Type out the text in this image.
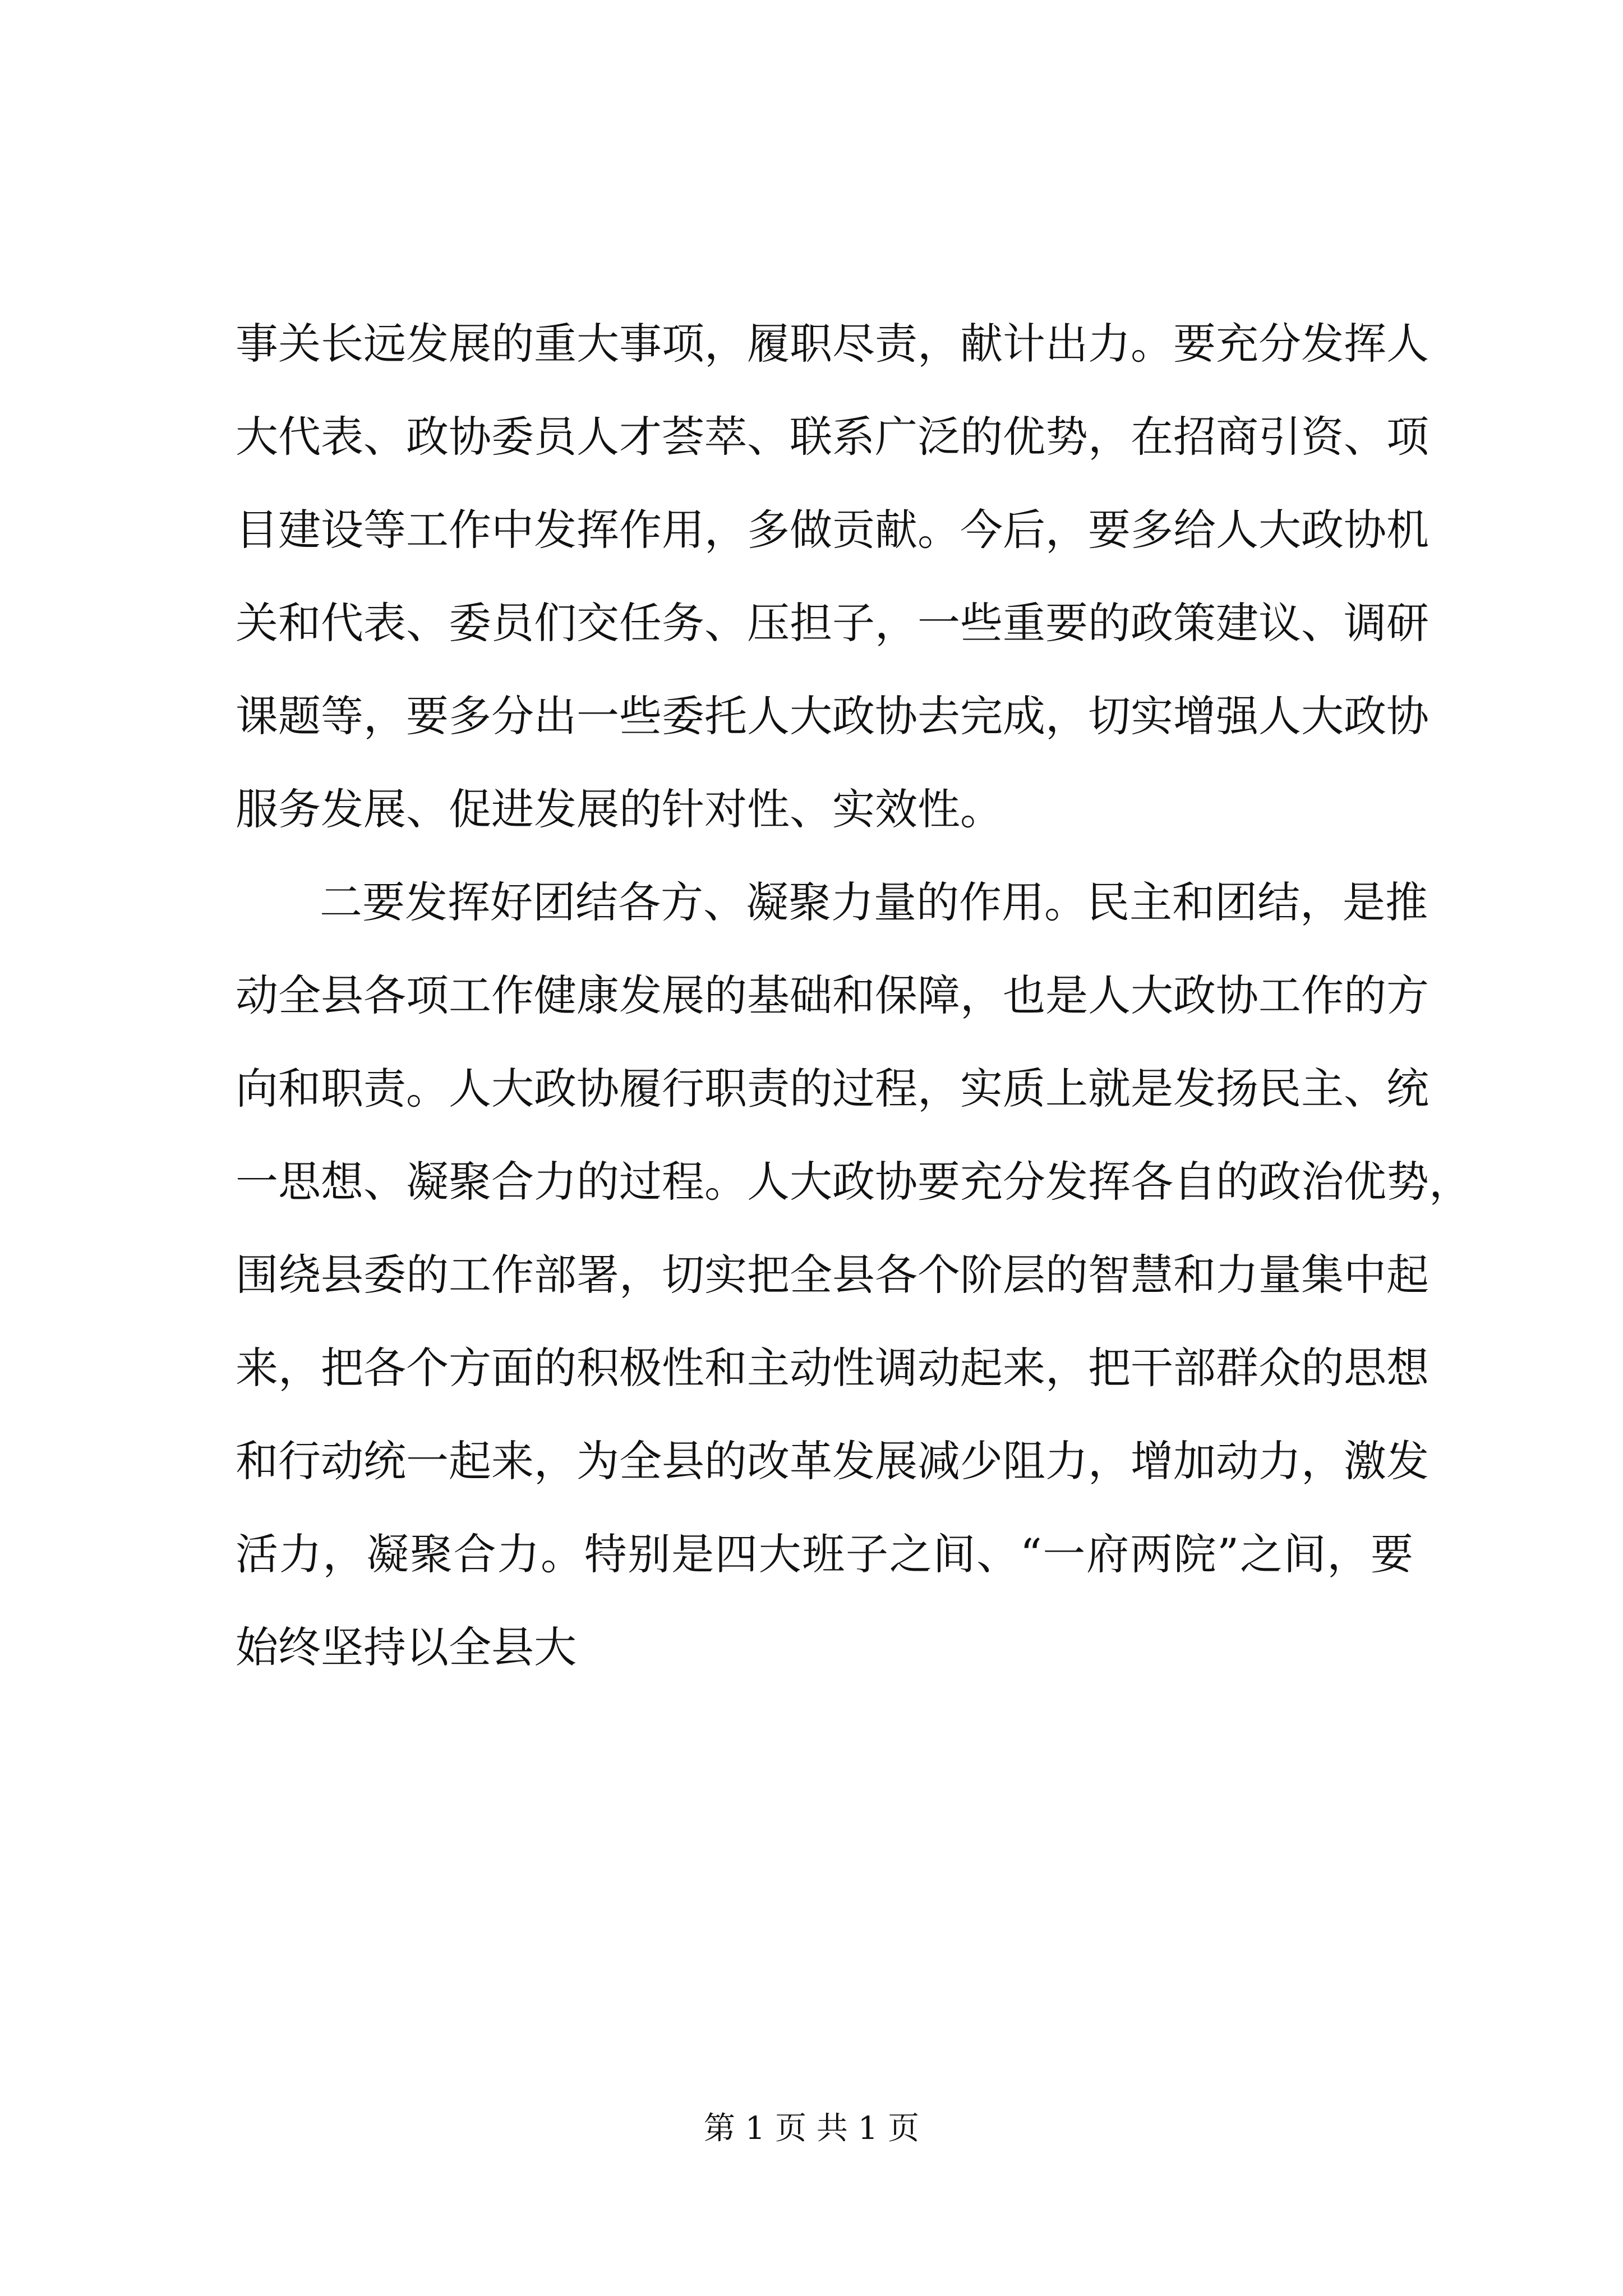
事关长远发展的重大事项，履职尽责，献计出力。要充分发挥人
大代表、政协委员人才荟萃、联系广泛的优势，在招商引资、项
目建设等工作中发挥作用，多做贡献。今后，要多给人大政协机
关和代表、委员们交任务、压担子，一些重要的政策建议、调研
课题等，要多分出一些委托人大政协去完成，切实增强人大政协
服务发展、促进发展的针对性、实效性。
二要发挥好团结各方、凝聚力量的作用。民主和团结，是推
动全县各项工作健康发展的基础和保障，也是人大政协工作的方
向和职责。人大政协履行职责的过程，实质上就是发扬民主、统
一思想、凝聚合力的过程。人大政协要充分发挥各自的政治优势，
围绕县委的工作部署，切实把全县各个阶层的智慧和力量集中起
来，把各个方面的积极性和主动性调动起来，把干部群众的思想
和行动统一起来，为全县的改革发展减少阻力，增加动力，激发
活力，凝聚合力。特别是四大班子之间、“一府两院”之间，要
始终坚持以全县大
第 1 页 共 1 页
